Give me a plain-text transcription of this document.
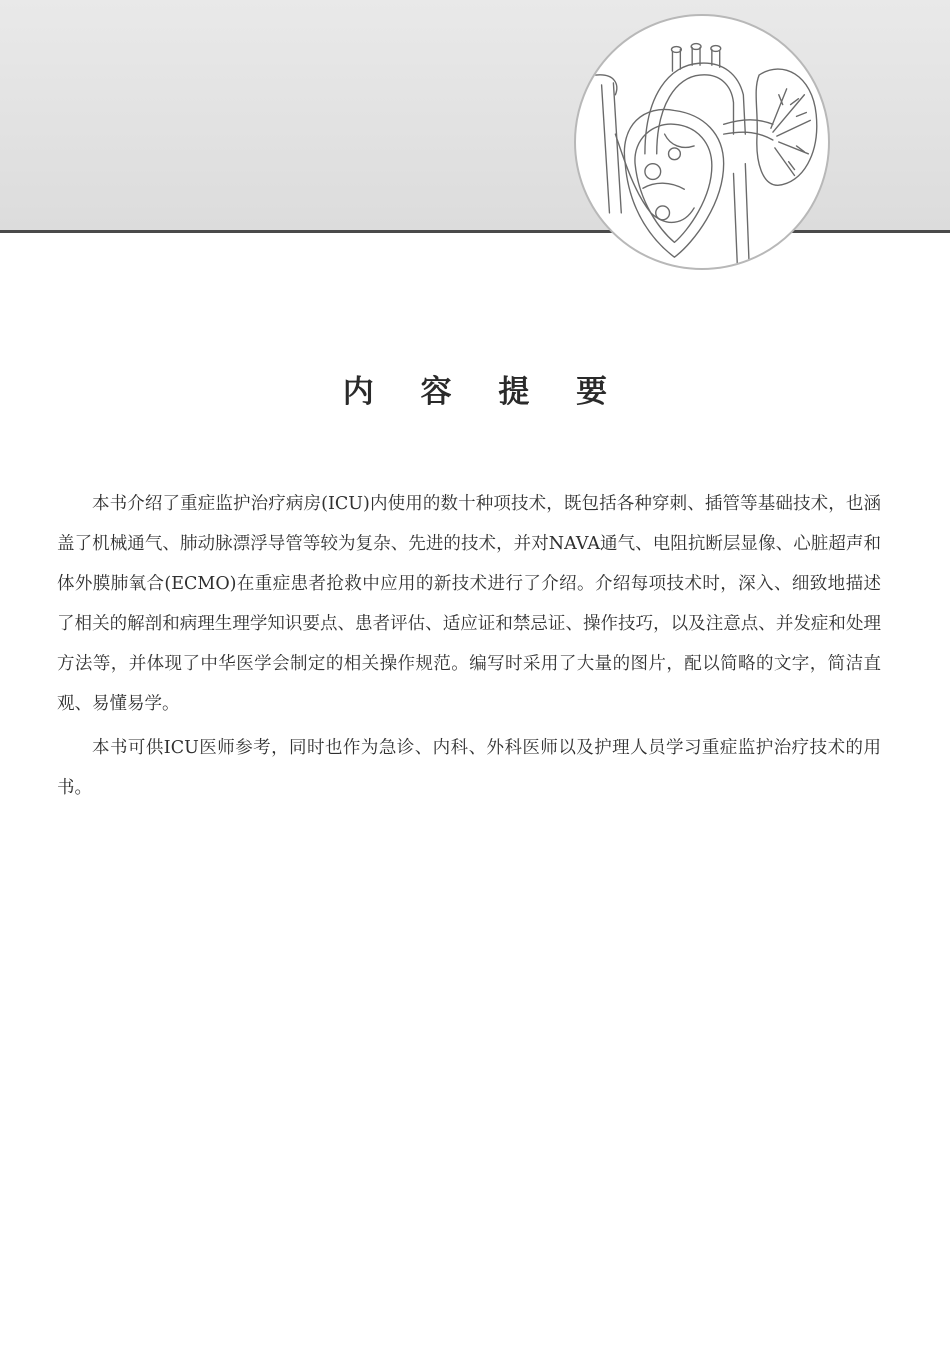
内 容 提 要

本书介绍了重症监护治疗病房(ICU)内使用的数十种项技术，既包括各种穿刺、插管等基础技术，也涵盖了机械通气、肺动脉漂浮导管等较为复杂、先进的技术，并对NAVA通气、电阻抗断层显像、心脏超声和体外膜肺氧合(ECMO)在重症患者抢救中应用的新技术进行了介绍。介绍每项技术时，深入、细致地描述了相关的解剖和病理生理学知识要点、患者评估、适应证和禁忌证、操作技巧，以及注意点、并发症和处理方法等，并体现了中华医学会制定的相关操作规范。编写时采用了大量的图片，配以简略的文字，简洁直观、易懂易学。

本书可供ICU医师参考，同时也作为急诊、内科、外科医师以及护理人员学习重症监护治疗技术的用书。
